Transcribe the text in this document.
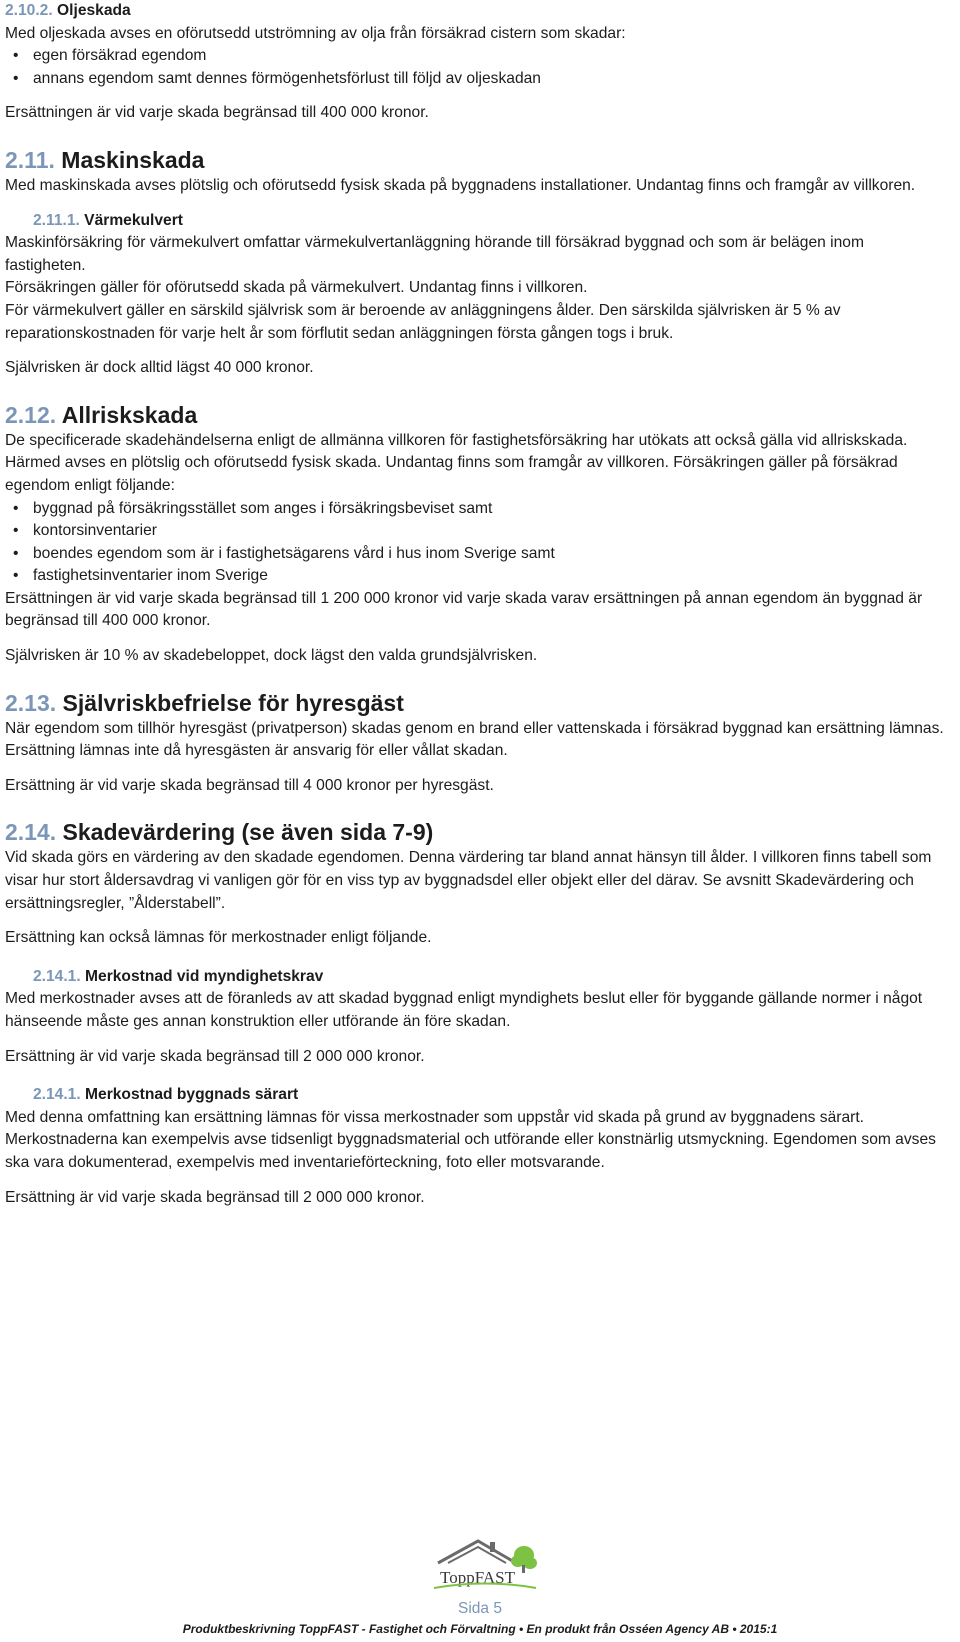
2.10.2. Oljeskada

Med oljeskada avses en oförutsedd utströmning av olja från försäkrad cistern som skadar:

• egen försäkrad egendom
• annans egendom samt dennes förmögenhetsförlust till följd av oljeskadan

Ersättningen är vid varje skada begränsad till 400 000 kronor.

2.11. Maskinskada

Med maskinskada avses plötslig och oförutsedd fysisk skada på byggnadens installationer. Undantag finns och framgår av villkoren.

2.11.1. Värmekulvert

Maskinförsäkring för värmekulvert omfattar värmekulvertanläggning hörande till försäkrad byggnad och som är belägen inom fastigheten.

Försäkringen gäller för oförutsedd skada på värmekulvert. Undantag finns i villkoren.

För värmekulvert gäller en särskild självrisk som är beroende av anläggningens ålder. Den särskilda självrisken är 5 % av reparationskostnaden för varje helt år som förflutit sedan anläggningen första gången togs i bruk.

Självrisken är dock alltid lägst 40 000 kronor.

2.12. Allriskskada

De specificerade skadehändelserna enligt de allmänna villkoren för fastighetsförsäkring har utökats att också gälla vid allriskskada. Härmed avses en plötslig och oförutsedd fysisk skada. Undantag finns som framgår av villkoren. Försäkringen gäller på försäkrad egendom enligt följande:

• byggnad på försäkringsstället som anges i försäkringsbeviset samt
• kontorsinventarier
• boendes egendom som är i fastighetsägarens vård i hus inom Sverige samt
• fastighetsinventarier inom Sverige

Ersättningen är vid varje skada begränsad till 1 200 000 kronor vid varje skada varav ersättningen på annan egendom än byggnad är begränsad till 400 000 kronor.

Självrisken är 10 % av skadebeloppet, dock lägst den valda grundsjälvrisken.

2.13. Självriskbefrielse för hyresgäst

När egendom som tillhör hyresgäst (privatperson) skadas genom en brand eller vattenskada i försäkrad byggnad kan ersättning lämnas. Ersättning lämnas inte då hyresgästen är ansvarig för eller vållat skadan.

Ersättning är vid varje skada begränsad till 4 000 kronor per hyresgäst.

2.14. Skadevärdering (se även sida 7-9)

Vid skada görs en värdering av den skadade egendomen. Denna värdering tar bland annat hänsyn till ålder. I villkoren finns tabell som visar hur stort åldersavdrag vi vanligen gör för en viss typ av byggnadsdel eller objekt eller del därav. Se avsnitt Skadevärdering och ersättningsregler, ”Ålderstabell”.

Ersättning kan också lämnas för merkostnader enligt följande.

2.14.1. Merkostnad vid myndighetskrav

Med merkostnader avses att de föranleds av att skadad byggnad enligt myndighets beslut eller för byggande gällande normer i något hänseende måste ges annan konstruktion eller utförande än före skadan.

Ersättning är vid varje skada begränsad till 2 000 000 kronor.

2.14.1. Merkostnad byggnads särart

Med denna omfattning kan ersättning lämnas för vissa merkostnader som uppstår vid skada på grund av byggnadens särart. Merkostnaderna kan exempelvis avse tidsenligt byggnadsmaterial och utförande eller konstnärlig utsmyckning. Egendomen som avses ska vara dokumenterad, exempelvis med inventarieförteckning, foto eller motsvarande.

Ersättning är vid varje skada begränsad till 2 000 000 kronor.

ToppFAST
Sida 5
Produktbeskrivning ToppFAST - Fastighet och Förvaltning • En produkt från Osséen Agency AB • 2015:1
